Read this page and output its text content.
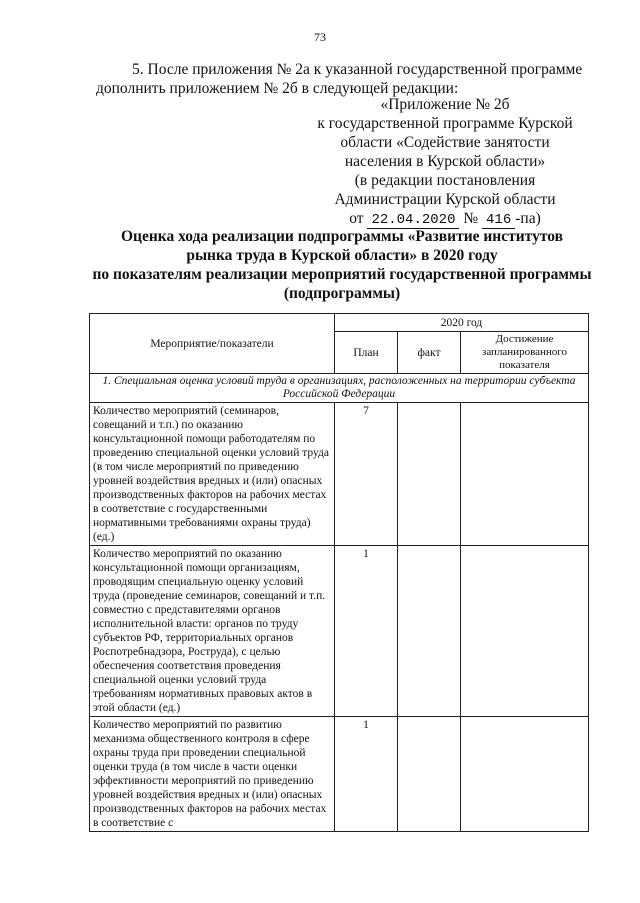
73
5. После приложения № 2а к указанной государственной программе дополнить приложением № 2б в следующей редакции:
«Приложение № 2б
к государственной программе Курской
области «Содействие занятости
населения в Курской области»
(в редакции постановления
Администрации Курской области
от 22.04.2020 № 416 -па)
Оценка хода реализации подпрограммы «Развитие институтов
рынка труда в Курской области» в 2020 году
по показателям реализации мероприятий государственной программы
(подпрограммы)
Мероприятие/показатели	2020 год		
	План	факт	Достижение запланированного показателя
1. Специальная оценка условий труда в организациях, расположенных на территории субъекта Российской Федерации			
Количество мероприятий (семинаров, совещаний и т.п.) по оказанию консультационной помощи работодателям по проведению специальной оценки условий труда (в том числе мероприятий по приведению уровней воздействия вредных и (или) опасных производственных факторов на рабочих местах в соответствие с государственными нормативными требованиями охраны труда) (ед.)	7		
Количество мероприятий по оказанию консультационной помощи организациям, проводящим специальную оценку условий труда (проведение семинаров, совещаний и т.п. совместно с представителями органов исполнительной власти: органов по труду субъектов РФ, территориальных органов Роспотребнадзора, Роструда), с целью обеспечения соответствия проведения специальной оценки условий труда требованиям нормативных правовых актов в этой области (ед.)	1		
Количество мероприятий по развитию механизма общественного контроля в сфере охраны труда при проведении специальной оценки труда (в том числе в части оценки эффективности мероприятий по приведению уровней воздействия вредных и (или) опасных производственных факторов на рабочих местах в соответствие с	1		
